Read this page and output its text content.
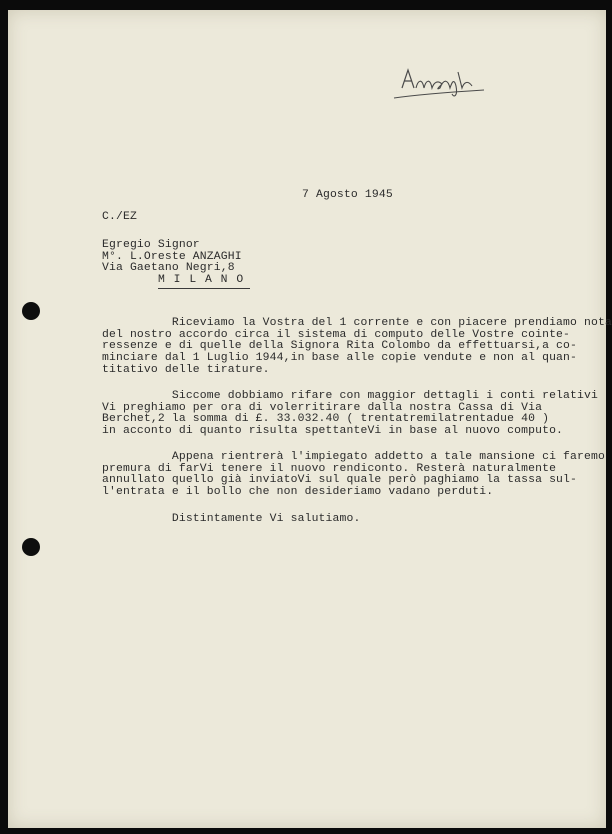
7 Agosto 1945

C./EZ

Egregio Signor
M°. L.Oreste ANZAGHI
Via Gaetano Negri,8
M I L A N O

Riceviamo la Vostra del 1 corrente e con piacere prendiamo nota
del nostro accordo circa il sistema di computo delle Vostre cointe-
ressenze e di quelle della Signora Rita Colombo da effettuarsi,a co-
minciare dal 1 Luglio 1944,in base alle copie vendute e non al quan-
titativo delle tirature.

Siccome dobbiamo rifare con maggior dettagli i conti relativi
Vi preghiamo per ora di volerritirare dalla nostra Cassa di Via
Berchet,2 la somma di £. 33.032.40 ( trentatremilatrentadue 40 )
in acconto di quanto risulta spettanteVi in base al nuovo computo.

Appena rientrerà l'impiegato addetto a tale mansione ci faremo
premura di farVi tenere il nuovo rendiconto. Resterà naturalmente
annullato quello già inviatoVi sul quale però paghiamo la tassa sul-
l'entrata e il bollo che non desideriamo vadano perduti.

Distintamente Vi salutiamo.
